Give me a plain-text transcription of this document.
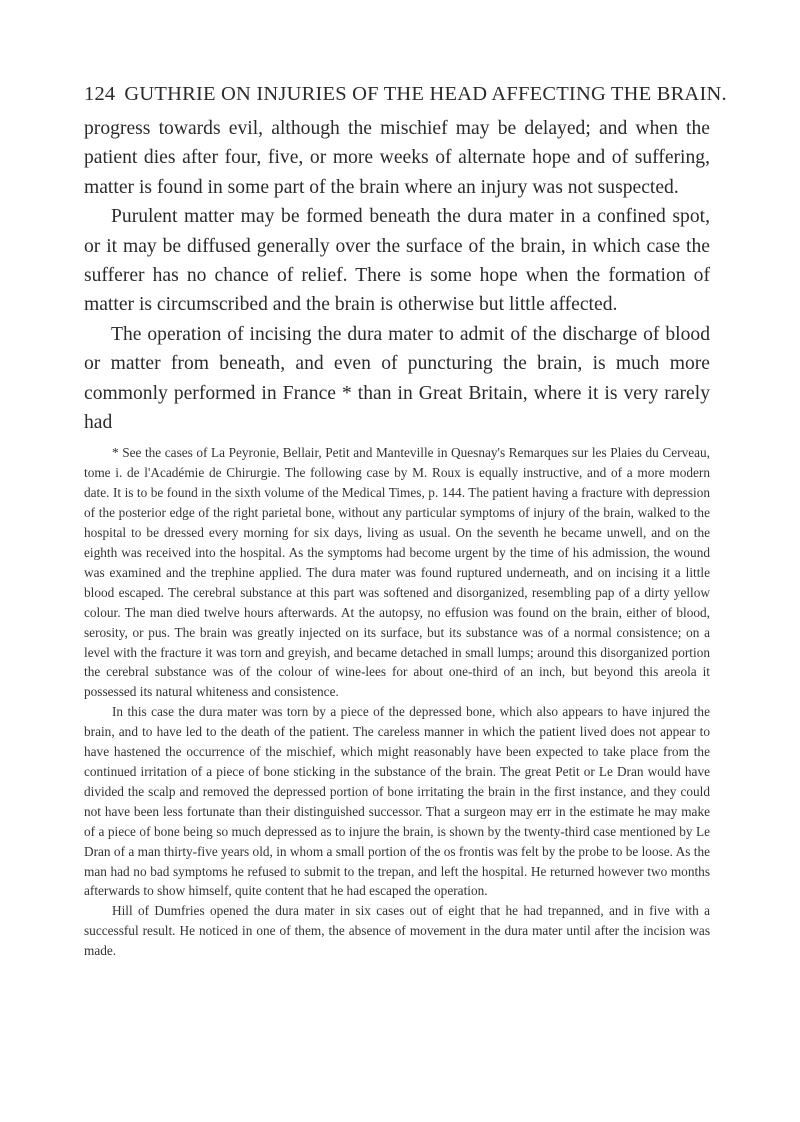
124 GUTHRIE ON INJURIES OF THE HEAD AFFECTING THE BRAIN.

progress towards evil, although the mischief may be delayed; and when the patient dies after four, five, or more weeks of alternate hope and of suffering, matter is found in some part of the brain where an injury was not suspected.

Purulent matter may be formed beneath the dura mater in a confined spot, or it may be diffused generally over the surface of the brain, in which case the sufferer has no chance of relief. There is some hope when the formation of matter is circumscribed and the brain is otherwise but little affected.

The operation of incising the dura mater to admit of the discharge of blood or matter from beneath, and even of puncturing the brain, is much more commonly performed in France * than in Great Britain, where it is very rarely had

* See the cases of La Peyronie, Bellair, Petit and Manteville in Quesnay's Remarques sur les Plaies du Cerveau, tome i. de l'Académie de Chirurgie. The following case by M. Roux is equally instructive, and of a more modern date. It is to be found in the sixth volume of the Medical Times, p. 144. The patient having a fracture with depression of the posterior edge of the right parietal bone, without any particular symptoms of injury of the brain, walked to the hospital to be dressed every morning for six days, living as usual. On the seventh he became unwell, and on the eighth was received into the hospital. As the symptoms had become urgent by the time of his admission, the wound was examined and the trephine applied. The dura mater was found ruptured underneath, and on incising it a little blood escaped. The cerebral substance at this part was softened and disorganized, resembling pap of a dirty yellow colour. The man died twelve hours afterwards. At the autopsy, no effusion was found on the brain, either of blood, serosity, or pus. The brain was greatly injected on its surface, but its substance was of a normal consistence; on a level with the fracture it was torn and greyish, and became detached in small lumps; around this disorganized portion the cerebral substance was of the colour of wine-lees for about one-third of an inch, but beyond this areola it possessed its natural whiteness and consistence.

In this case the dura mater was torn by a piece of the depressed bone, which also appears to have injured the brain, and to have led to the death of the patient. The careless manner in which the patient lived does not appear to have hastened the occurrence of the mischief, which might reasonably have been expected to take place from the continued irritation of a piece of bone sticking in the substance of the brain. The great Petit or Le Dran would have divided the scalp and removed the depressed portion of bone irritating the brain in the first instance, and they could not have been less fortunate than their distinguished successor. That a surgeon may err in the estimate he may make of a piece of bone being so much depressed as to injure the brain, is shown by the twenty-third case mentioned by Le Dran of a man thirty-five years old, in whom a small portion of the os frontis was felt by the probe to be loose. As the man had no bad symptoms he refused to submit to the trepan, and left the hospital. He returned however two months afterwards to show himself, quite content that he had escaped the operation.

Hill of Dumfries opened the dura mater in six cases out of eight that he had trepanned, and in five with a successful result. He noticed in one of them, the absence of movement in the dura mater until after the incision was made.
